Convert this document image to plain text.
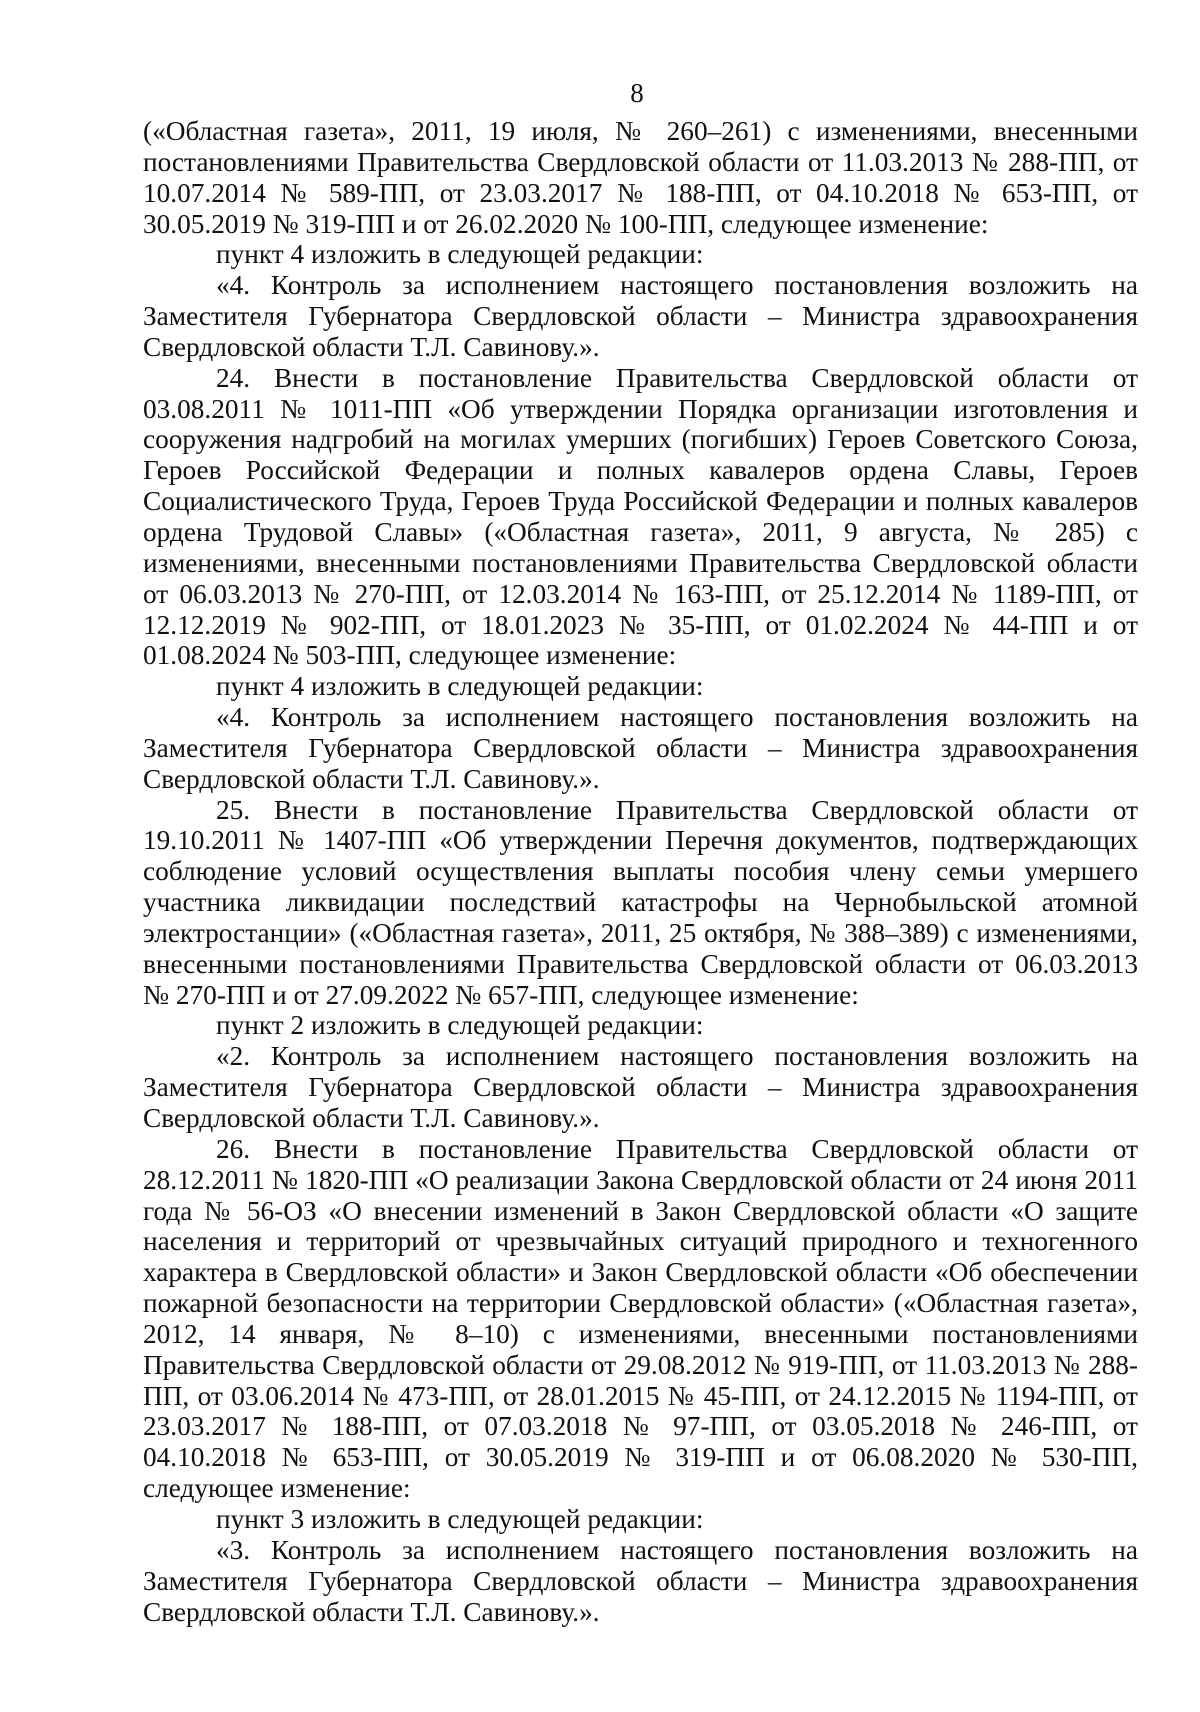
8

(«Областная газета», 2011, 19 июля, № 260–261) с изменениями, внесенными постановлениями Правительства Свердловской области от 11.03.2013 № 288-ПП, от 10.07.2014 № 589-ПП, от 23.03.2017 № 188-ПП, от 04.10.2018 № 653-ПП, от 30.05.2019 № 319-ПП и от 26.02.2020 № 100-ПП, следующее изменение:

пункт 4 изложить в следующей редакции:

«4. Контроль за исполнением настоящего постановления возложить на Заместителя Губернатора Свердловской области – Министра здравоохранения Свердловской области Т.Л. Савинову.».

24. Внести в постановление Правительства Свердловской области от 03.08.2011 № 1011-ПП «Об утверждении Порядка организации изготовления и сооружения надгробий на могилах умерших (погибших) Героев Советского Союза, Героев Российской Федерации и полных кавалеров ордена Славы, Героев Социалистического Труда, Героев Труда Российской Федерации и полных кавалеров ордена Трудовой Славы» («Областная газета», 2011, 9 августа, № 285) с изменениями, внесенными постановлениями Правительства Свердловской области от 06.03.2013 № 270-ПП, от 12.03.2014 № 163-ПП, от 25.12.2014 № 1189-ПП, от 12.12.2019 № 902-ПП, от 18.01.2023 № 35-ПП, от 01.02.2024 № 44-ПП и от 01.08.2024 № 503-ПП, следующее изменение:

пункт 4 изложить в следующей редакции:

«4. Контроль за исполнением настоящего постановления возложить на Заместителя Губернатора Свердловской области – Министра здравоохранения Свердловской области Т.Л. Савинову.».

25. Внести в постановление Правительства Свердловской области от 19.10.2011 № 1407-ПП «Об утверждении Перечня документов, подтверждающих соблюдение условий осуществления выплаты пособия члену семьи умершего участника ликвидации последствий катастрофы на Чернобыльской атомной электростанции» («Областная газета», 2011, 25 октября, № 388–389) с изменениями, внесенными постановлениями Правительства Свердловской области от 06.03.2013 № 270-ПП и от 27.09.2022 № 657-ПП, следующее изменение:

пункт 2 изложить в следующей редакции:

«2. Контроль за исполнением настоящего постановления возложить на Заместителя Губернатора Свердловской области – Министра здравоохранения Свердловской области Т.Л. Савинову.».

26. Внести в постановление Правительства Свердловской области от 28.12.2011 № 1820-ПП «О реализации Закона Свердловской области от 24 июня 2011 года № 56-ОЗ «О внесении изменений в Закон Свердловской области «О защите населения и территорий от чрезвычайных ситуаций природного и техногенного характера в Свердловской области» и Закон Свердловской области «Об обеспечении пожарной безопасности на территории Свердловской области» («Областная газета», 2012, 14 января, № 8–10) с изменениями, внесенными постановлениями Правительства Свердловской области от 29.08.2012 № 919-ПП, от 11.03.2013 № 288-ПП, от 03.06.2014 № 473-ПП, от 28.01.2015 № 45-ПП, от 24.12.2015 № 1194-ПП, от 23.03.2017 № 188-ПП, от 07.03.2018 № 97-ПП, от 03.05.2018 № 246-ПП, от 04.10.2018 № 653-ПП, от 30.05.2019 № 319-ПП и от 06.08.2020 № 530-ПП, следующее изменение:

пункт 3 изложить в следующей редакции:

«3. Контроль за исполнением настоящего постановления возложить на Заместителя Губернатора Свердловской области – Министра здравоохранения Свердловской области Т.Л. Савинову.».
